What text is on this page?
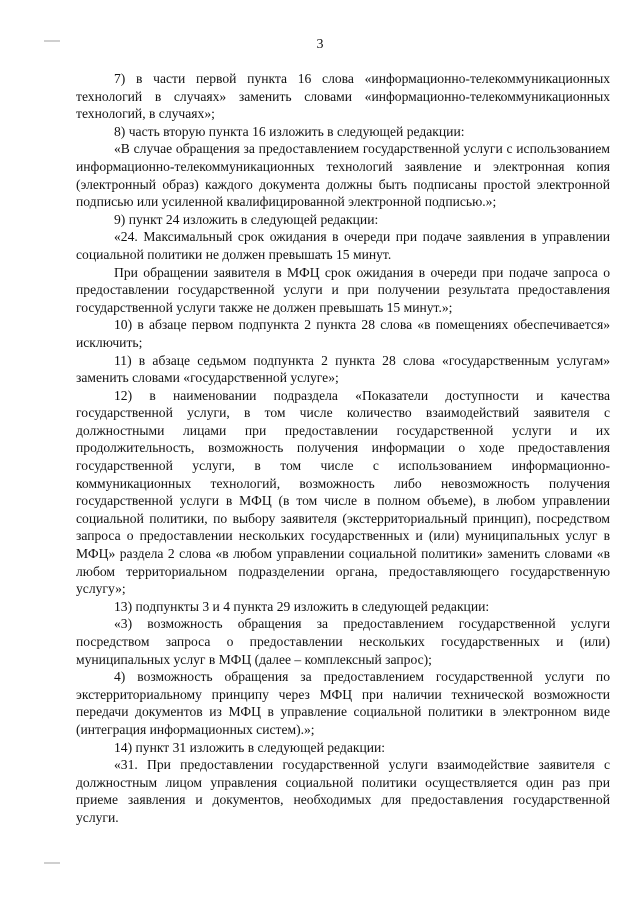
3

7) в части первой пункта 16 слова «информационно-телекоммуникационных технологий в случаях» заменить словами «информационно-телекоммуникационных технологий, в случаях»;

8) часть вторую пункта 16 изложить в следующей редакции:

«В случае обращения за предоставлением государственной услуги с использованием информационно-телекоммуникационных технологий заявление и электронная копия (электронный образ) каждого документа должны быть подписаны простой электронной подписью или усиленной квалифицированной электронной подписью.»;

9) пункт 24 изложить в следующей редакции:

«24. Максимальный срок ожидания в очереди при подаче заявления в управлении социальной политики не должен превышать 15 минут.

При обращении заявителя в МФЦ срок ожидания в очереди при подаче запроса о предоставлении государственной услуги и при получении результата предоставления государственной услуги также не должен превышать 15 минут.»;

10) в абзаце первом подпункта 2 пункта 28 слова «в помещениях обеспечивается» исключить;

11) в абзаце седьмом подпункта 2 пункта 28 слова «государственным услугам» заменить словами «государственной услуге»;

12) в наименовании подраздела «Показатели доступности и качества государственной услуги, в том числе количество взаимодействий заявителя с должностными лицами при предоставлении государственной услуги и их продолжительность, возможность получения информации о ходе предоставления государственной услуги, в том числе с использованием информационно-коммуникационных технологий, возможность либо невозможность получения государственной услуги в МФЦ (в том числе в полном объеме), в любом управлении социальной политики, по выбору заявителя (экстерриториальный принцип), посредством запроса о предоставлении нескольких государственных и (или) муниципальных услуг в МФЦ» раздела 2 слова «в любом управлении социальной политики» заменить словами «в любом территориальном подразделении органа, предоставляющего государственную услугу»;

13) подпункты 3 и 4 пункта 29 изложить в следующей редакции:

«3) возможность обращения за предоставлением государственной услуги посредством запроса о предоставлении нескольких государственных и (или) муниципальных услуг в МФЦ (далее – комплексный запрос);

4) возможность обращения за предоставлением государственной услуги по экстерриториальному принципу через МФЦ при наличии технической возможности передачи документов из МФЦ в управление социальной политики в электронном виде (интеграция информационных систем).»;

14) пункт 31 изложить в следующей редакции:

«31. При предоставлении государственной услуги взаимодействие заявителя с должностным лицом управления социальной политики осуществляется один раз при приеме заявления и документов, необходимых для предоставления государственной услуги.
